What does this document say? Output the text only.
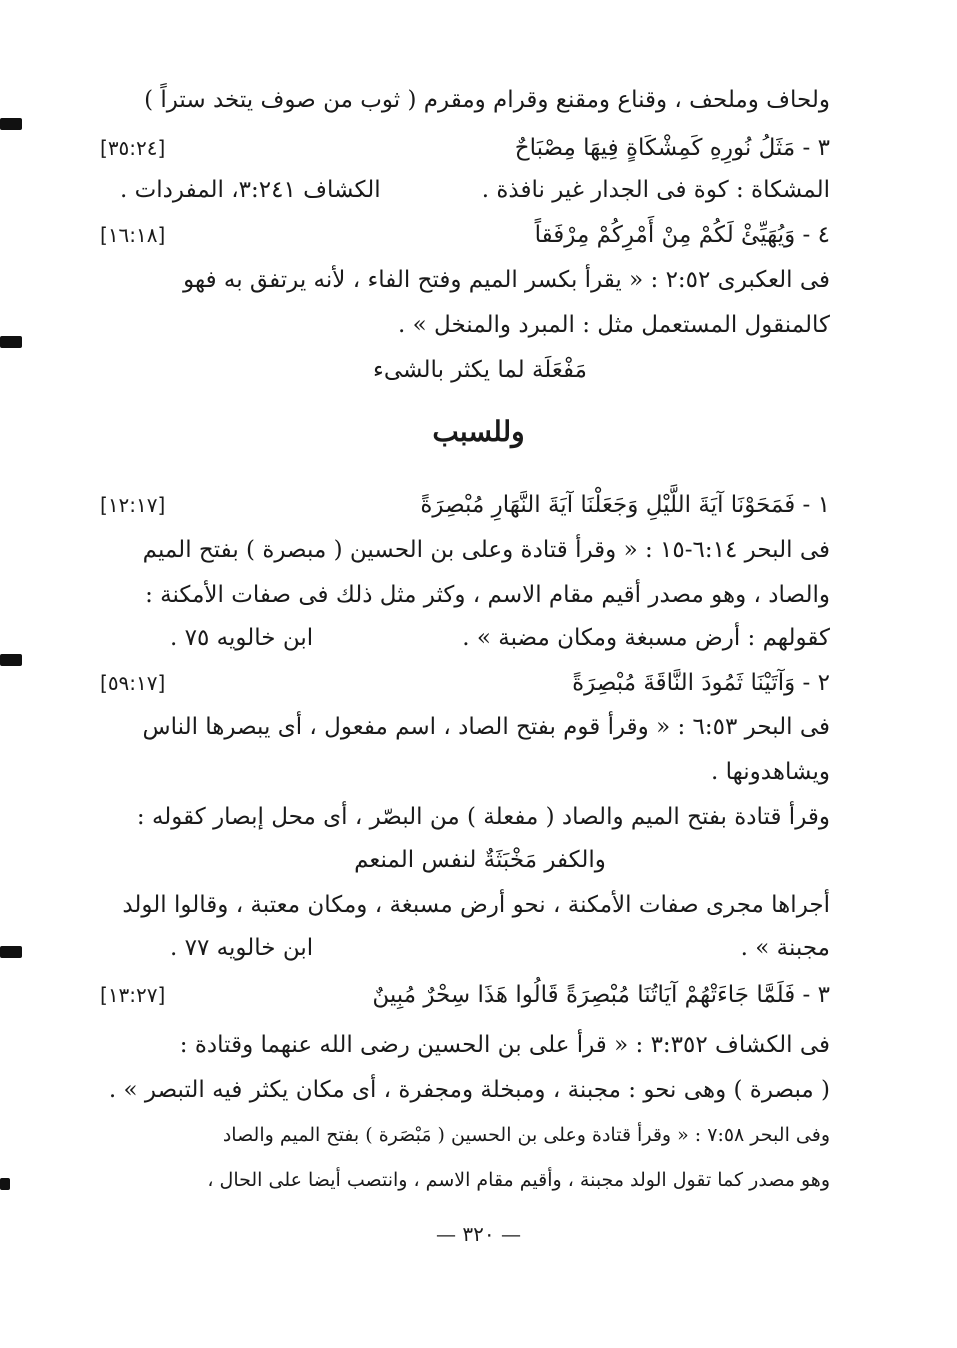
ولحاف وملحف ، وقناع ومقنع وقرام ومقرم ( ثوب من صوف يتخد ستراً )
٣ - مَثَلُ نُورِهِ كَمِشْكَاةٍ فِيهَا مِصْبَاحٌ
[٣٥:٢٤]
المشكاة : كوة فى الجدار غير نافذة .
الكشاف ٣:٢٤١، المفردات .
٤ - وَيُهَيِّئْ لَكُمْ مِنْ أَمْرِكُمْ مِرْفَقاً
[١٦:١٨]
فى العكبرى ٢:٥٢ : « يقرأ بكسر الميم وفتح الفاء ، لأنه يرتفق به فهو
كالمنقول المستعمل مثل : المبرد والمنخل » .
مَفْعَلَة لما يكثر بالشىء
وللسبب
١ - فَمَحَوْنَا آيَةَ اللَّيْلِ وَجَعَلْنَا آيَةَ النَّهَارِ مُبْصِرَةً
[١٢:١٧]
فى البحر ٦:١٤-١٥ : « وقرأ قتادة وعلى بن الحسين ( مبصرة ) بفتح الميم
والصاد ، وهو مصدر أقيم مقام الاسم ، وكثر مثل ذلك فى صفات الأمكنة :
كقولهم : أرض مسبغة ومكان مضبة » .
ابن خالويه ٧٥ .
٢ - وَآتَيْنَا ثَمُودَ النَّاقَةَ مُبْصِرَةً
[٥٩:١٧]
فى البحر ٦:٥٣ : « وقرأ قوم بفتح الصاد ، اسم مفعول ، أى يبصرها الناس
ويشاهدونها .
وقرأ قتادة بفتح الميم والصاد ( مفعلة ) من البصّر ، أى محل إبصار كقوله :
والكفر مَخْبَثَةٌ لنفس المنعم
أجراها مجرى صفات الأمكنة ، نحو أرض مسبغة ، ومكان معتبة ، وقالوا الولد
مجبنة » .
ابن خالويه ٧٧ .
٣ - فَلَمَّا جَاءَتْهُمْ آيَاتُنَا مُبْصِرَةً قَالُوا هَذَا سِحْرٌ مُبِينٌ
[١٣:٢٧]
فى الكشاف ٣:٣٥٢ : « قرأ على بن الحسين رضى الله عنهما وقتادة :
( مبصرة ) وهى نحو : مجبنة ، ومبخلة ومجفرة ، أى مكان يكثر فيه التبصر » .
وفى البحر ٧:٥٨ : « وقرأ قتادة وعلى بن الحسين ( مَبْصَرة ) بفتح الميم والصاد
وهو مصدر كما تقول الولد مجبنة ، وأقيم مقام الاسم ، وانتصب أيضا على الحال ،
— ٣٢٠ —
